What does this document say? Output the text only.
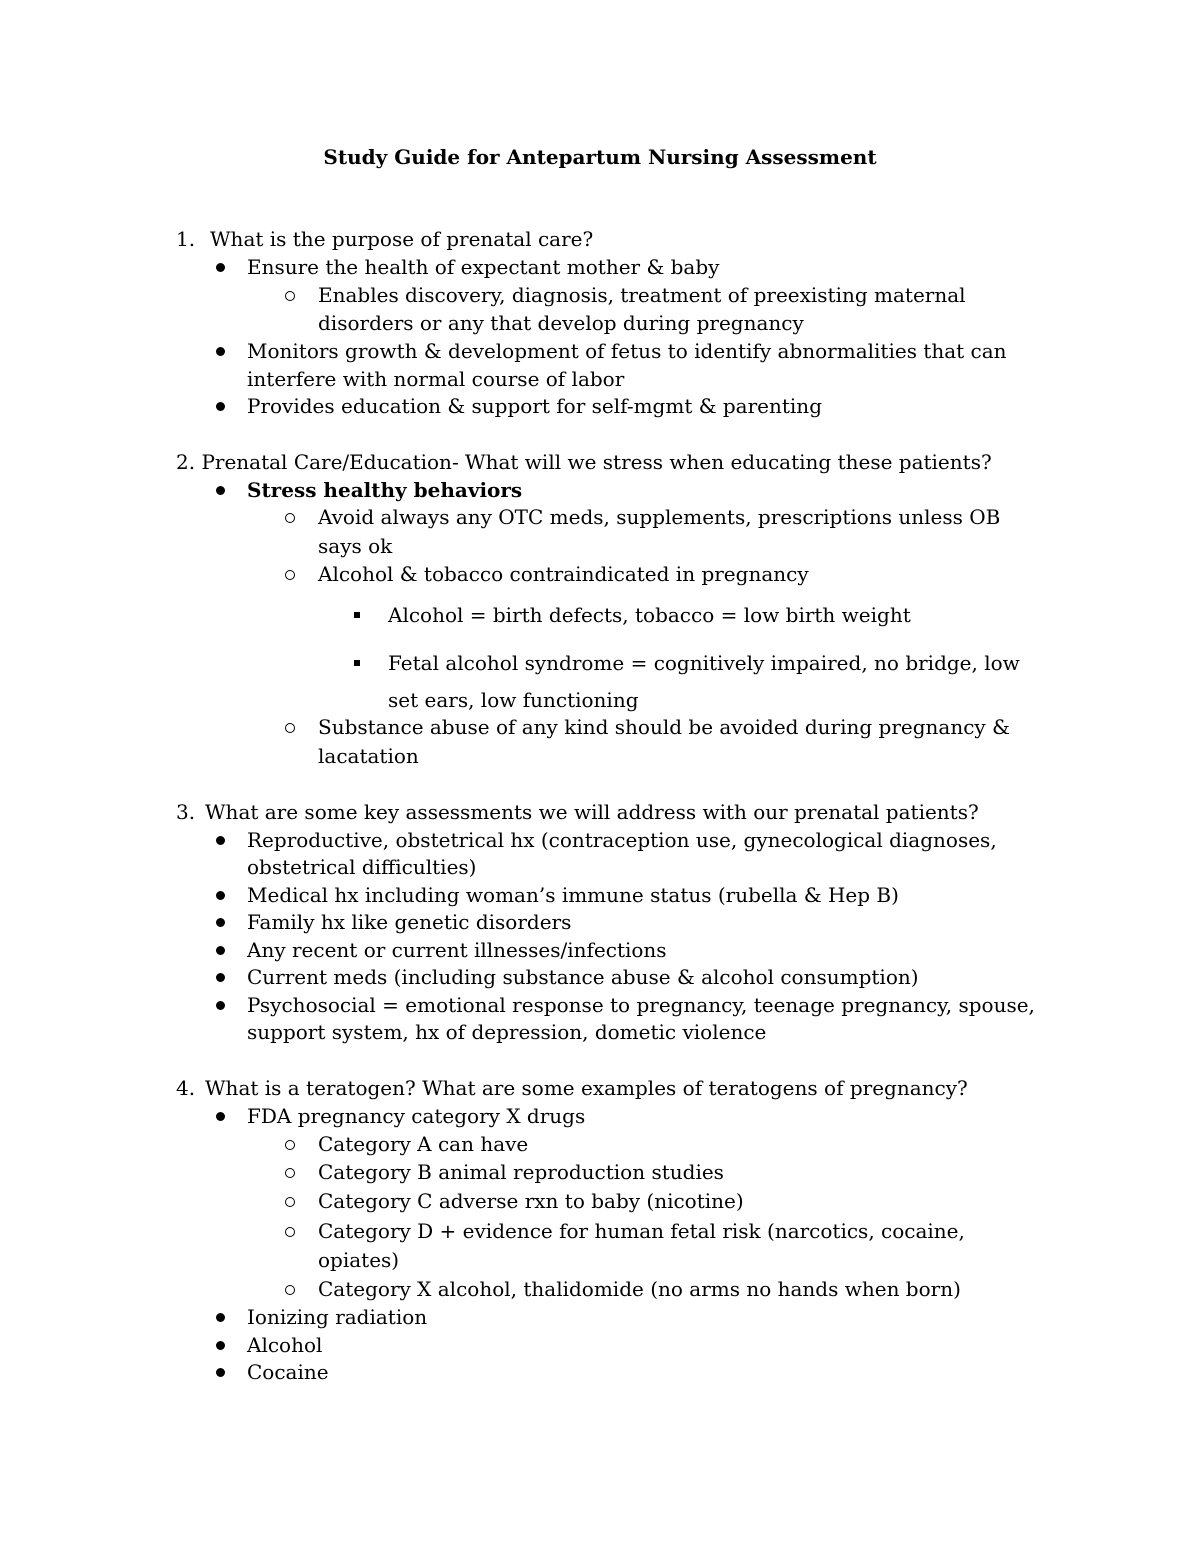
Study Guide for Antepartum Nursing Assessment
1. What is the purpose of prenatal care?
Ensure the health of expectant mother & baby
Enables discovery, diagnosis, treatment of preexisting maternal
disorders or any that develop during pregnancy
Monitors growth & development of fetus to identify abnormalities that can
interfere with normal course of labor
Provides education & support for self-mgmt & parenting
2. Prenatal Care/Education- What will we stress when educating these patients?
Stress healthy behaviors
Avoid always any OTC meds, supplements, prescriptions unless OB
says ok
Alcohol & tobacco contraindicated in pregnancy
Alcohol = birth defects, tobacco = low birth weight
Fetal alcohol syndrome = cognitively impaired, no bridge, low
set ears, low functioning
Substance abuse of any kind should be avoided during pregnancy &
lacatation
3. What are some key assessments we will address with our prenatal patients?
Reproductive, obstetrical hx (contraception use, gynecological diagnoses,
obstetrical difficulties)
Medical hx including woman’s immune status (rubella & Hep B)
Family hx like genetic disorders
Any recent or current illnesses/infections
Current meds (including substance abuse & alcohol consumption)
Psychosocial = emotional response to pregnancy, teenage pregnancy, spouse,
support system, hx of depression, dometic violence
4. What is a teratogen? What are some examples of teratogens of pregnancy?
FDA pregnancy category X drugs
Category A can have
Category B animal reproduction studies
Category C adverse rxn to baby (nicotine)
Category D + evidence for human fetal risk (narcotics, cocaine,
opiates)
Category X alcohol, thalidomide (no arms no hands when born)
Ionizing radiation
Alcohol
Cocaine
